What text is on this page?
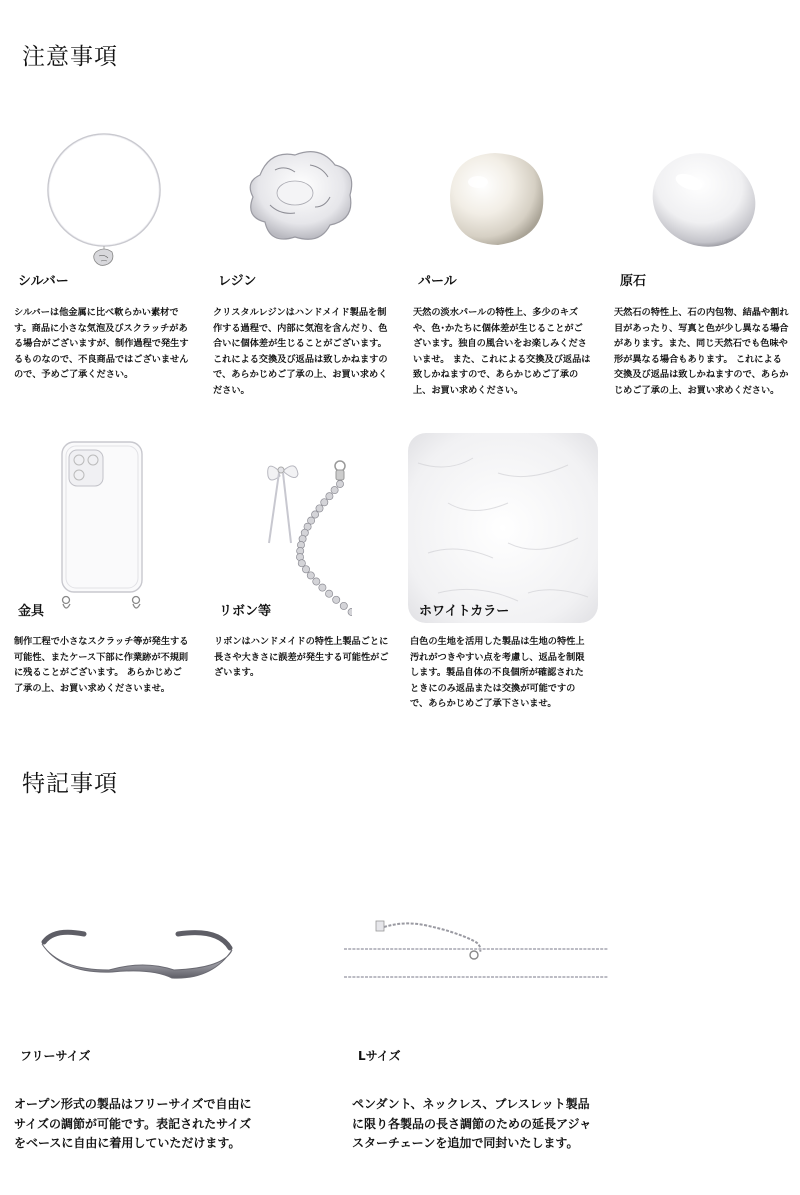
注意事項
シルバー	レジン	パール	原石
シルバーは他金属に比べ軟らかい素材です。商品に小さな気泡及びスクラッチがある場合がございますが、制作過程で発生するものなので、不良商品ではございませんので、予めご了承ください。
クリスタルレジンはハンドメイド製品を制作する過程で、内部に気泡を含んだり、色合いに個体差が生じることがございます。 これによる交換及び返品は致しかねますので、あらかじめご了承の上、お買い求めください。
天然の淡水パールの特性上、多少のキズや、色･かたちに個体差が生じることがございます。独自の風合いをお楽しみくださいませ。 また、これによる交換及び返品は致しかねますので、あらかじめご了承の上、お買い求めください。
天然石の特性上、石の内包物、結晶や割れ目があったり、写真と色が少し異なる場合があります。また、同じ天然石でも色味や形が異なる場合もあります。 これによる交換及び返品は致しかねますので、あらかじめご了承の上、お買い求めください。
金具	リボン等	ホワイトカラー
制作工程で小さなスクラッチ等が発生する可能性、またケース下部に作業跡が不規則に残ることがございます。 あらかじめご了承の上、お買い求めくださいませ。
リボンはハンドメイドの特性上製品ごとに長さや大きさに誤差が発生する可能性がございます。
白色の生地を活用した製品は生地の特性上汚れがつきやすい点を考慮し、返品を制限します。製品自体の不良個所が確認されたときにのみ返品または交換が可能ですので、あらかじめご了承下さいませ。
特記事項
フリーサイズ	Lサイズ
オープン形式の製品はフリーサイズで自由にサイズの調節が可能です。表記されたサイズをベースに自由に着用していただけます。
ペンダント、ネックレス、ブレスレット製品に限り各製品の長さ調節のための延長アジャスターチェーンを追加で同封いたします。
